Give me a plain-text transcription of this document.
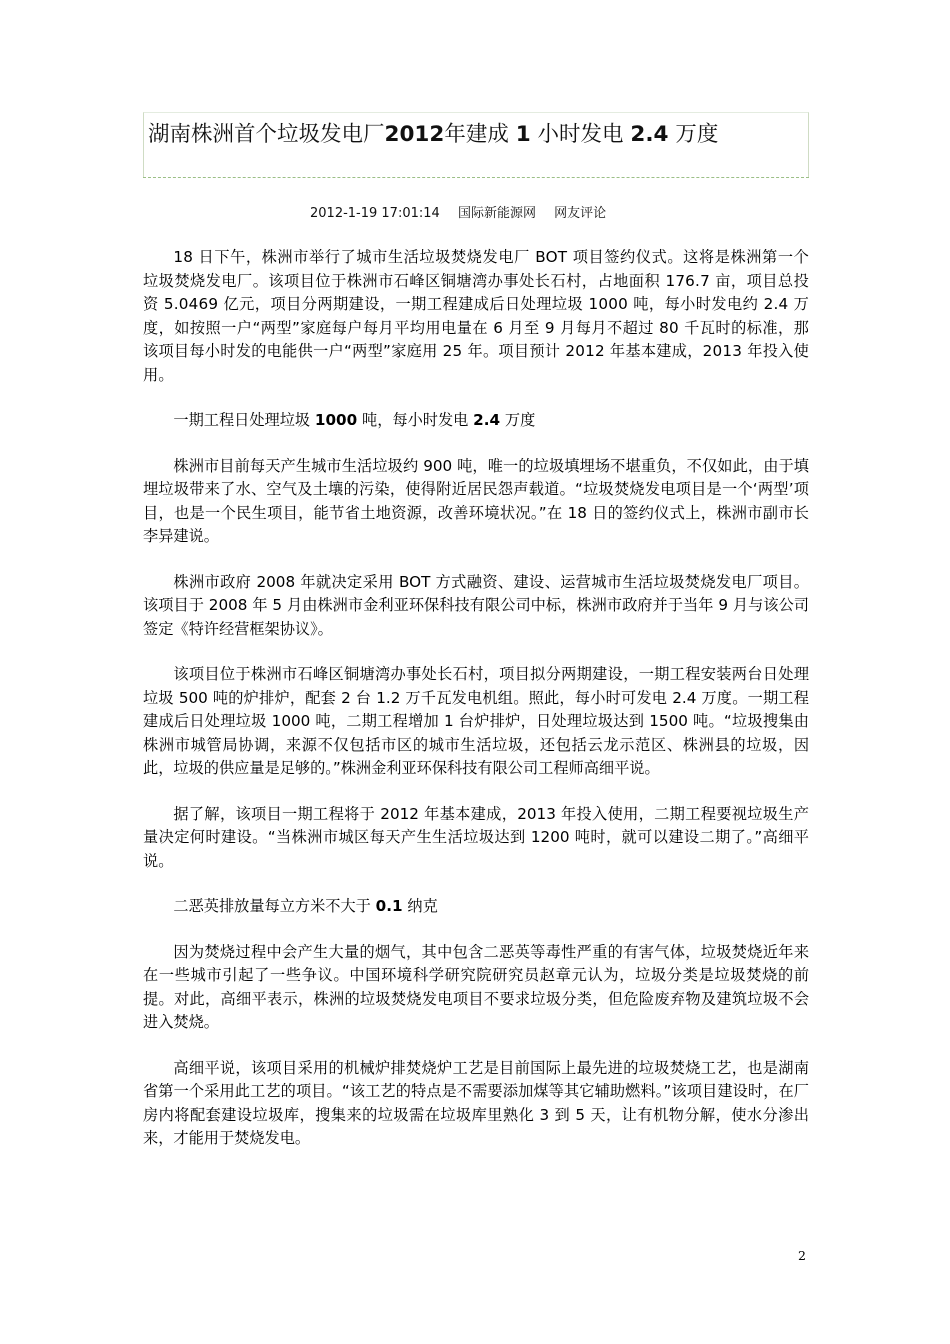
湖南株洲首个垃圾发电厂2012年建成 1 小时发电 2.4 万度
2012-1-19 17:01:14 国际新能源网 网友评论

18 日下午，株洲市举行了城市生活垃圾焚烧发电厂 BOT 项目签约仪式。这将是株洲第一个垃圾焚烧发电厂。该项目位于株洲市石峰区铜塘湾办事处长石村，占地面积 176.7 亩，项目总投资 5.0469 亿元，项目分两期建设，一期工程建成后日处理垃圾 1000 吨，每小时发电约 2.4 万度，如按照一户“两型”家庭每户每月平均用电量在 6 月至 9 月每月不超过 80 千瓦时的标准，那该项目每小时发的电能供一户“两型”家庭用 25 年。项目预计 2012 年基本建成，2013 年投入使用。

一期工程日处理垃圾 1000 吨，每小时发电 2.4 万度

株洲市目前每天产生城市生活垃圾约 900 吨，唯一的垃圾填埋场不堪重负，不仅如此，由于填埋垃圾带来了水、空气及土壤的污染，使得附近居民怨声载道。“垃圾焚烧发电项目是一个‘两型’项目，也是一个民生项目，能节省土地资源，改善环境状况。”在 18 日的签约仪式上，株洲市副市长李异建说。

株洲市政府 2008 年就决定采用 BOT 方式融资、建设、运营城市生活垃圾焚烧发电厂项目。该项目于 2008 年 5 月由株洲市金利亚环保科技有限公司中标，株洲市政府并于当年 9 月与该公司签定《特许经营框架协议》。

该项目位于株洲市石峰区铜塘湾办事处长石村，项目拟分两期建设，一期工程安装两台日处理垃圾 500 吨的炉排炉，配套 2 台 1.2 万千瓦发电机组。照此，每小时可发电 2.4 万度。一期工程建成后日处理垃圾 1000 吨，二期工程增加 1 台炉排炉，日处理垃圾达到 1500 吨。“垃圾搜集由株洲市城管局协调，来源不仅包括市区的城市生活垃圾，还包括云龙示范区、株洲县的垃圾，因此，垃圾的供应量是足够的。”株洲金利亚环保科技有限公司工程师高细平说。

据了解，该项目一期工程将于 2012 年基本建成，2013 年投入使用，二期工程要视垃圾生产量决定何时建设。“当株洲市城区每天产生生活垃圾达到 1200 吨时，就可以建设二期了。”高细平说。

二恶英排放量每立方米不大于 0.1 纳克

因为焚烧过程中会产生大量的烟气，其中包含二恶英等毒性严重的有害气体，垃圾焚烧近年来在一些城市引起了一些争议。中国环境科学研究院研究员赵章元认为，垃圾分类是垃圾焚烧的前提。对此，高细平表示，株洲的垃圾焚烧发电项目不要求垃圾分类，但危险废弃物及建筑垃圾不会进入焚烧。

高细平说，该项目采用的机械炉排焚烧炉工艺是目前国际上最先进的垃圾焚烧工艺，也是湖南省第一个采用此工艺的项目。“该工艺的特点是不需要添加煤等其它辅助燃料。”该项目建设时，在厂房内将配套建设垃圾库，搜集来的垃圾需在垃圾库里熟化 3 到 5 天，让有机物分解，使水分渗出来，才能用于焚烧发电。

2
